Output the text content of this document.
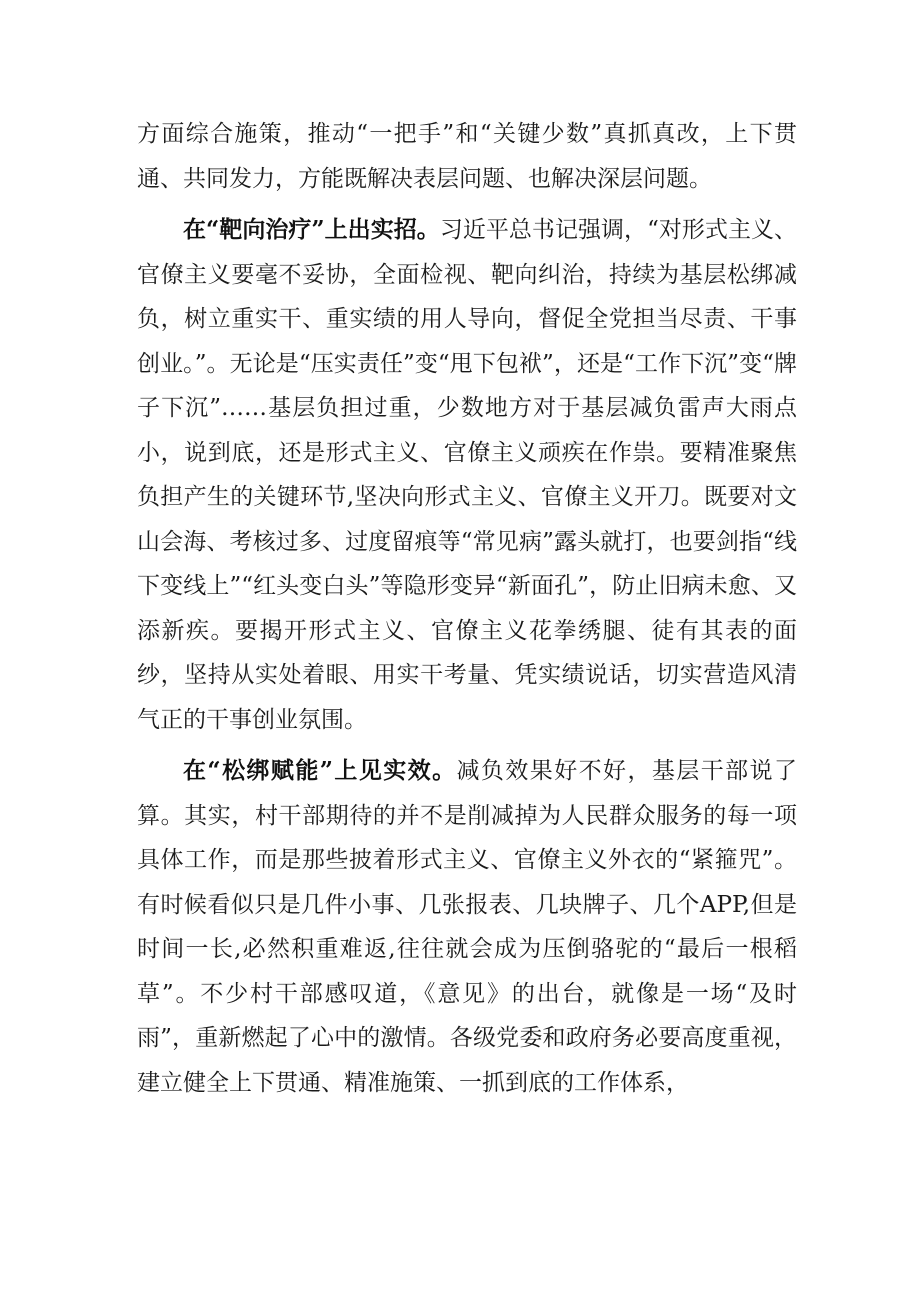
方面综合施策，推动“一把手”和“关键少数”真抓真改，上下贯通、共同发力，方能既解决表层问题、也解决深层问题。

在“靶向治疗”上出实招。习近平总书记强调，“对形式主义、官僚主义要毫不妥协，全面检视、靶向纠治，持续为基层松绑减负，树立重实干、重实绩的用人导向，督促全党担当尽责、干事创业。”。无论是“压实责任”变“甩下包袱”，还是“工作下沉”变“牌子下沉”……基层负担过重，少数地方对于基层减负雷声大雨点小，说到底，还是形式主义、官僚主义顽疾在作祟。要精准聚焦负担产生的关键环节,坚决向形式主义、官僚主义开刀。既要对文山会海、考核过多、过度留痕等“常见病”露头就打，也要剑指“线下变线上”“红头变白头”等隐形变异“新面孔”，防止旧病未愈、又添新疾。要揭开形式主义、官僚主义花拳绣腿、徒有其表的面纱，坚持从实处着眼、用实干考量、凭实绩说话，切实营造风清气正的干事创业氛围。

在“松绑赋能”上见实效。减负效果好不好，基层干部说了算。其实，村干部期待的并不是削减掉为人民群众服务的每一项具体工作，而是那些披着形式主义、官僚主义外衣的“紧箍咒”。有时候看似只是几件小事、几张报表、几块牌子、几个APP,但是时间一长,必然积重难返,往往就会成为压倒骆驼的“最后一根稻草”。不少村干部感叹道，《意见》的出台，就像是一场“及时雨”，重新燃起了心中的激情。各级党委和政府务必要高度重视，建立健全上下贯通、精准施策、一抓到底的工作体系，
